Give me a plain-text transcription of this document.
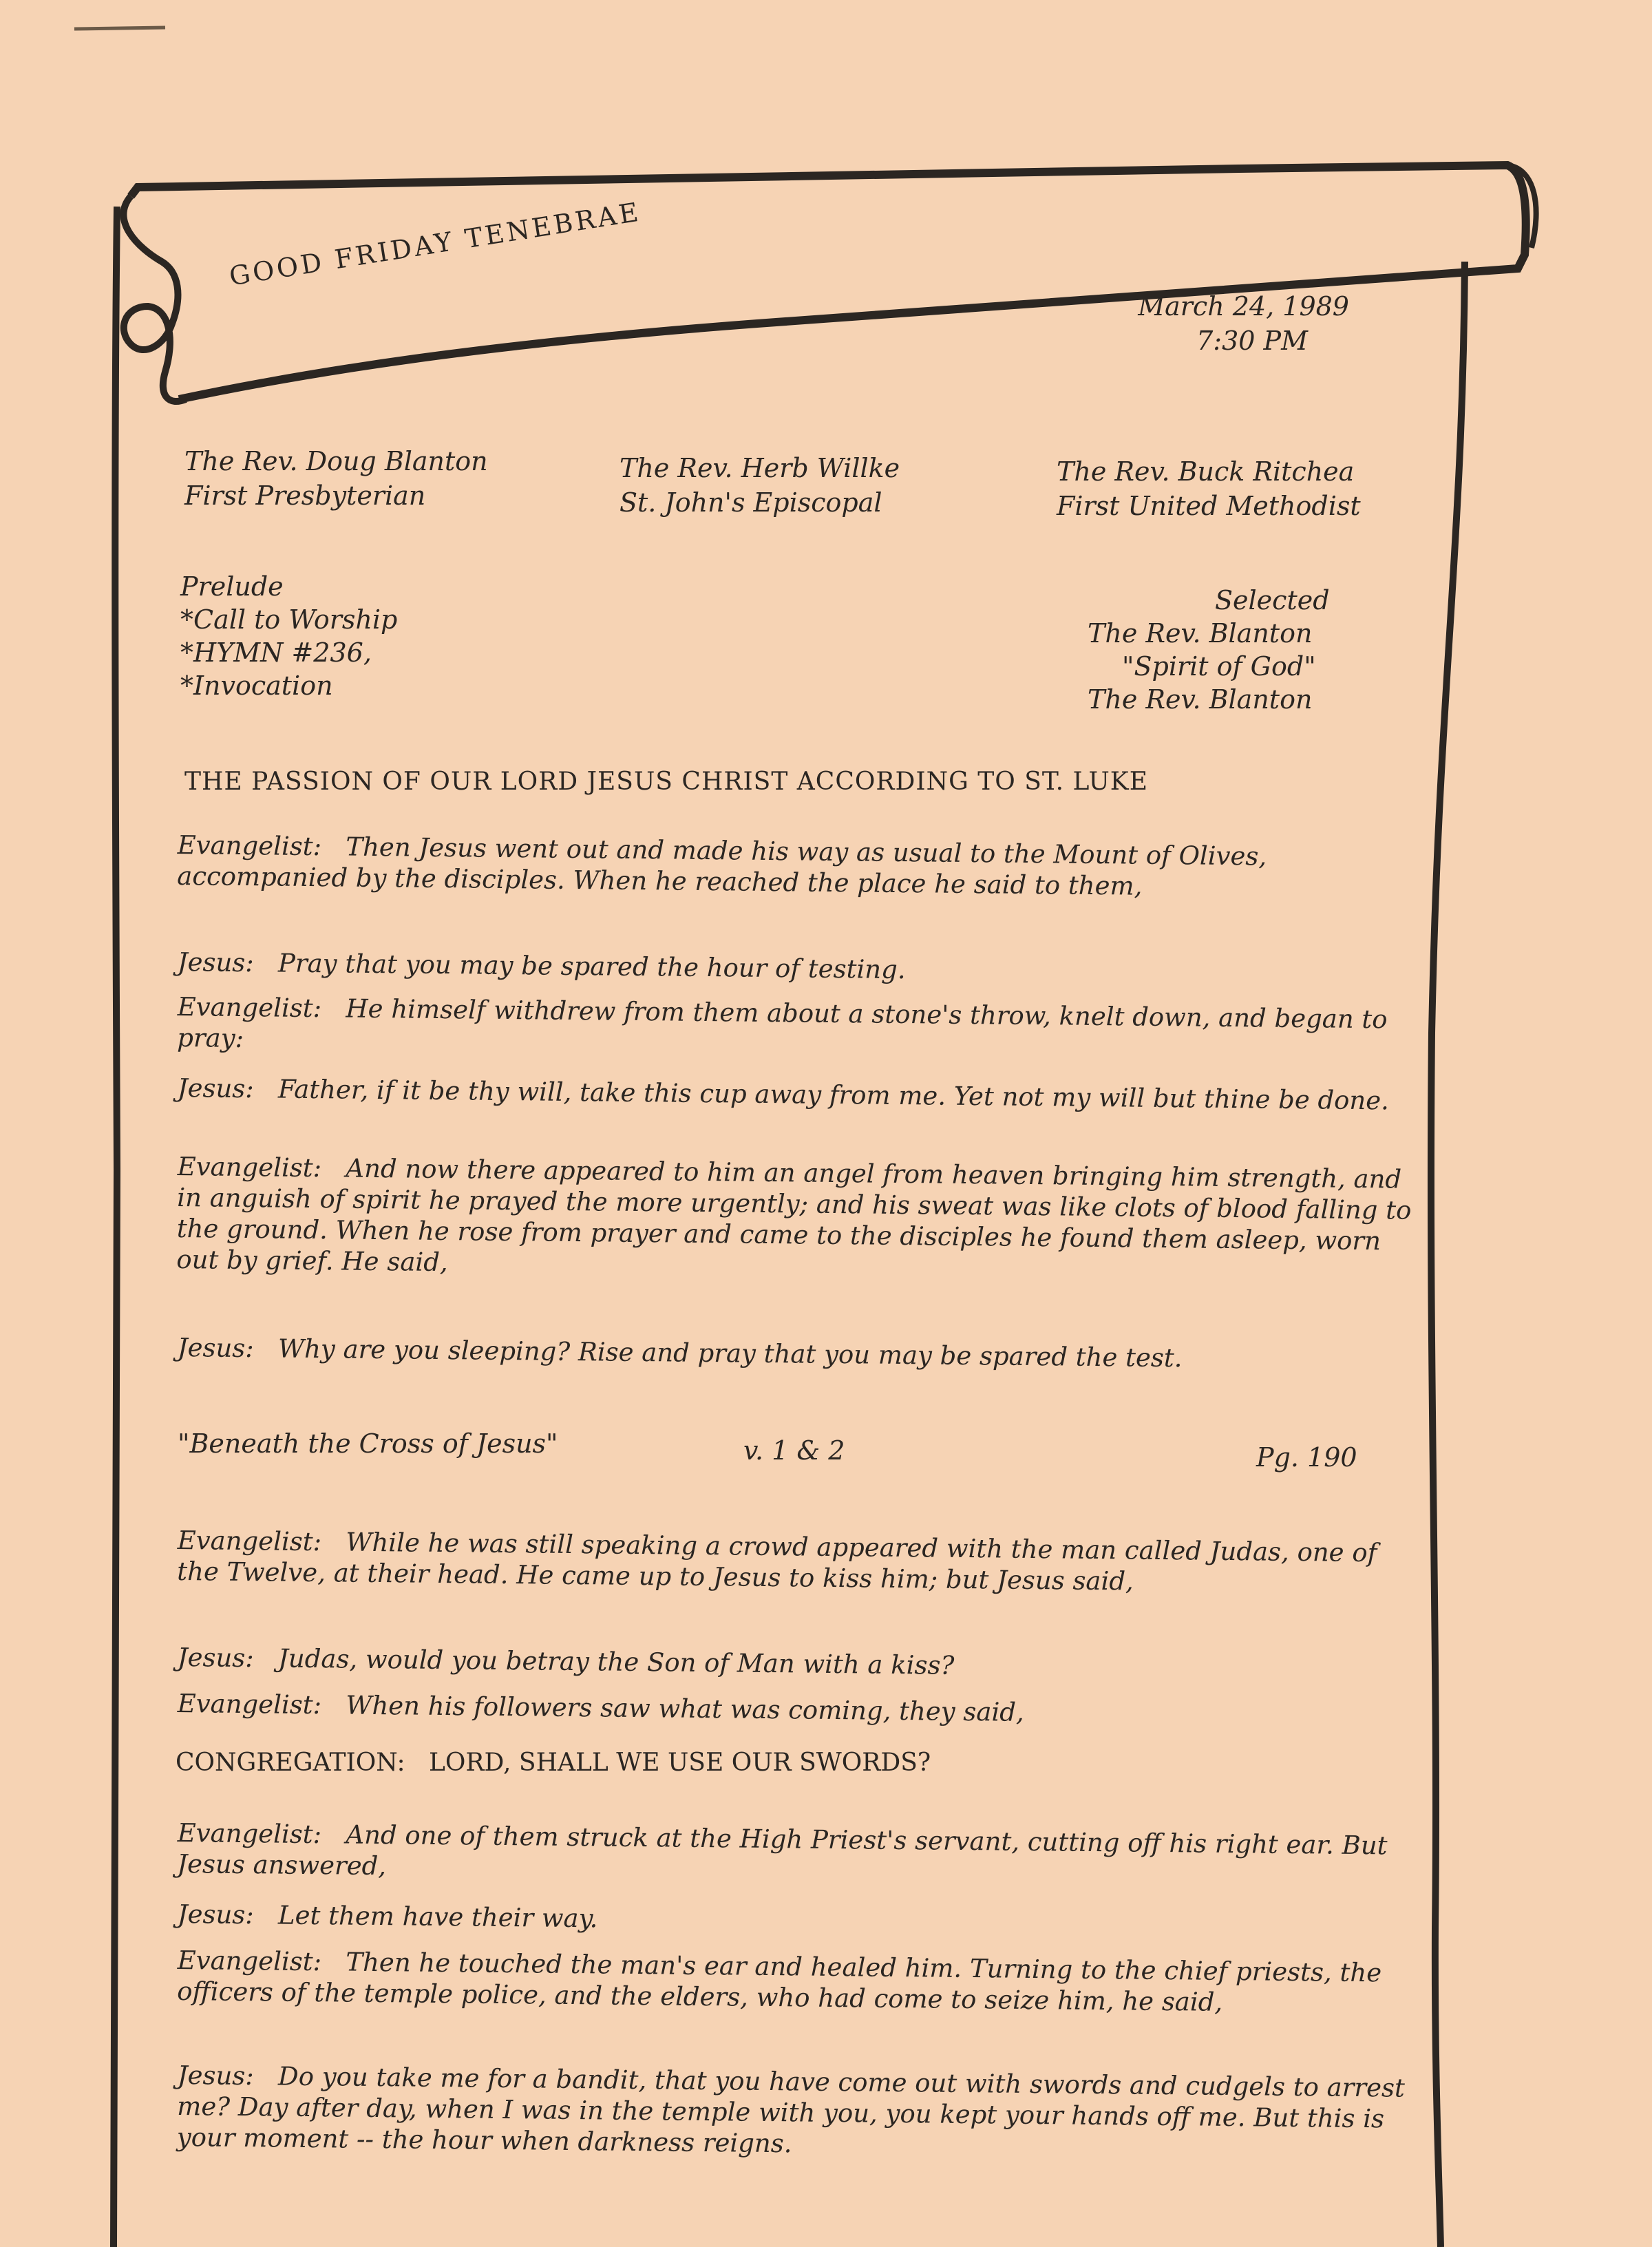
GOOD FRIDAY TENEBRAE
March 24, 1989
7:30 PM
The Rev. Doug Blanton
First Presbyterian
The Rev. Herb Willke
St. John's Episcopal
The Rev. Buck Ritchea
First United Methodist
Prelude
*Call to Worship
*HYMN #236,
*Invocation
Selected
The Rev. Blanton
"Spirit of God"
The Rev. Blanton
THE PASSION OF OUR LORD JESUS CHRIST ACCORDING TO ST. LUKE
Evangelist: Then Jesus went out and made his way as usual to the Mount of Olives, accompanied by the disciples. When he reached the place he said to them,
Jesus: Pray that you may be spared the hour of testing.
Evangelist: He himself withdrew from them about a stone's throw, knelt down, and began to pray:
Jesus: Father, if it be thy will, take this cup away from me. Yet not my will but thine be done.
Evangelist: And now there appeared to him an angel from heaven bringing him strength, and in anguish of spirit he prayed the more urgently; and his sweat was like clots of blood falling to the ground. When he rose from prayer and came to the disciples he found them asleep, worn out by grief. He said,
Jesus: Why are you sleeping? Rise and pray that you may be spared the test.
"Beneath the Cross of Jesus"	v. 1 & 2	Pg. 190
Evangelist: While he was still speaking a crowd appeared with the man called Judas, one of the Twelve, at their head. He came up to Jesus to kiss him; but Jesus said,
Jesus: Judas, would you betray the Son of Man with a kiss?
Evangelist: When his followers saw what was coming, they said,
CONGREGATION: LORD, SHALL WE USE OUR SWORDS?
Evangelist: And one of them struck at the High Priest's servant, cutting off his right ear. But Jesus answered,
Jesus: Let them have their way.
Evangelist: Then he touched the man's ear and healed him. Turning to the chief priests, the officers of the temple police, and the elders, who had come to seize him, he said,
Jesus: Do you take me for a bandit, that you have come out with swords and cudgels to arrest me? Day after day, when I was in the temple with you, you kept your hands off me. But this is your moment -- the hour when darkness reigns.
